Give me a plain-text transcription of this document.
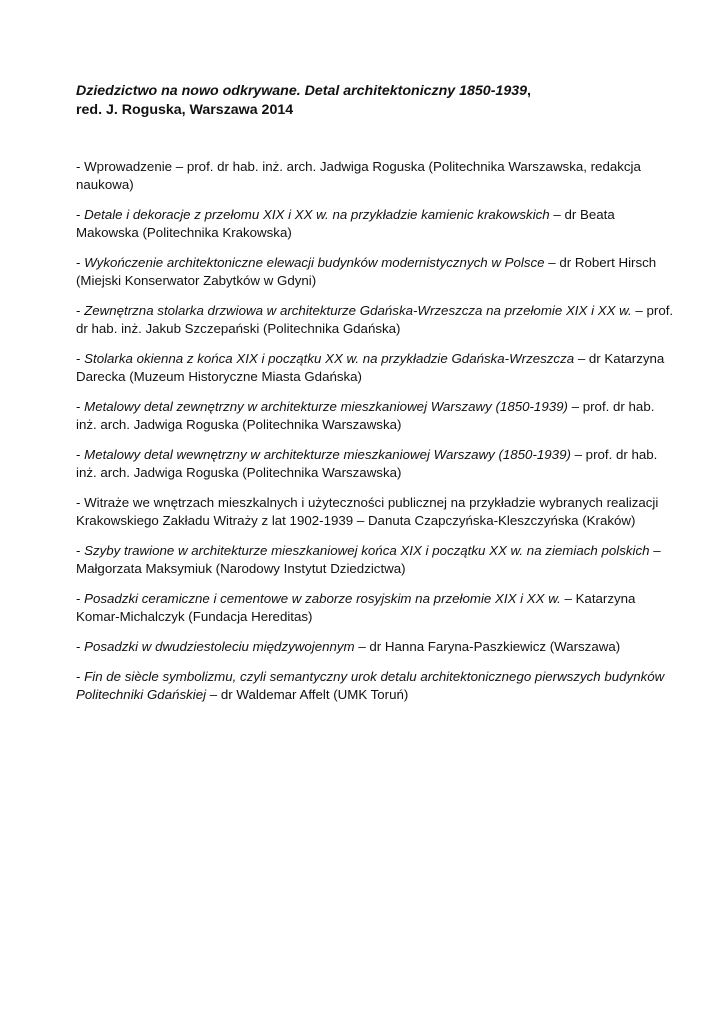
Dziedzictwo na nowo odkrywane. Detal architektoniczny 1850-1939,
red. J. Roguska, Warszawa 2014
- Wprowadzenie – prof. dr hab. inż. arch. Jadwiga Roguska (Politechnika Warszawska, redakcja naukowa)
- Detale i dekoracje z przełomu XIX i XX w. na przykładzie kamienic krakowskich – dr Beata Makowska (Politechnika Krakowska)
- Wykończenie architektoniczne elewacji budynków modernistycznych w Polsce – dr Robert Hirsch (Miejski Konserwator Zabytków w Gdyni)
- Zewnętrzna stolarka drzwiowa w architekturze Gdańska-Wrzeszcza na przełomie XIX i XX w. – prof. dr hab. inż. Jakub Szczepański (Politechnika Gdańska)
- Stolarka okienna z końca XIX i początku XX w. na przykładzie Gdańska-Wrzeszcza – dr Katarzyna Darecka (Muzeum Historyczne Miasta Gdańska)
- Metalowy detal zewnętrzny w architekturze mieszkaniowej Warszawy (1850-1939) – prof. dr hab. inż. arch. Jadwiga Roguska (Politechnika Warszawska)
- Metalowy detal wewnętrzny w architekturze mieszkaniowej Warszawy (1850-1939) – prof. dr hab. inż. arch. Jadwiga Roguska (Politechnika Warszawska)
- Witraże we wnętrzach mieszkalnych i użyteczności publicznej na przykładzie wybranych realizacji Krakowskiego Zakładu Witraży z lat 1902-1939 – Danuta Czapczyńska-Kleszczyńska (Kraków)
- Szyby trawione w architekturze mieszkaniowej końca XIX i początku XX w. na ziemiach polskich – Małgorzata Maksymiuk (Narodowy Instytut Dziedzictwa)
- Posadzki ceramiczne i cementowe w zaborze rosyjskim na przełomie XIX i XX w. – Katarzyna Komar-Michalczyk (Fundacja Hereditas)
- Posadzki w dwudziestoleciu międzywojennym – dr Hanna Faryna-Paszkiewicz (Warszawa)
- Fin de siècle symbolizmu, czyli semantyczny urok detalu architektonicznego pierwszych budynków Politechniki Gdańskiej – dr Waldemar Affelt (UMK Toruń)
